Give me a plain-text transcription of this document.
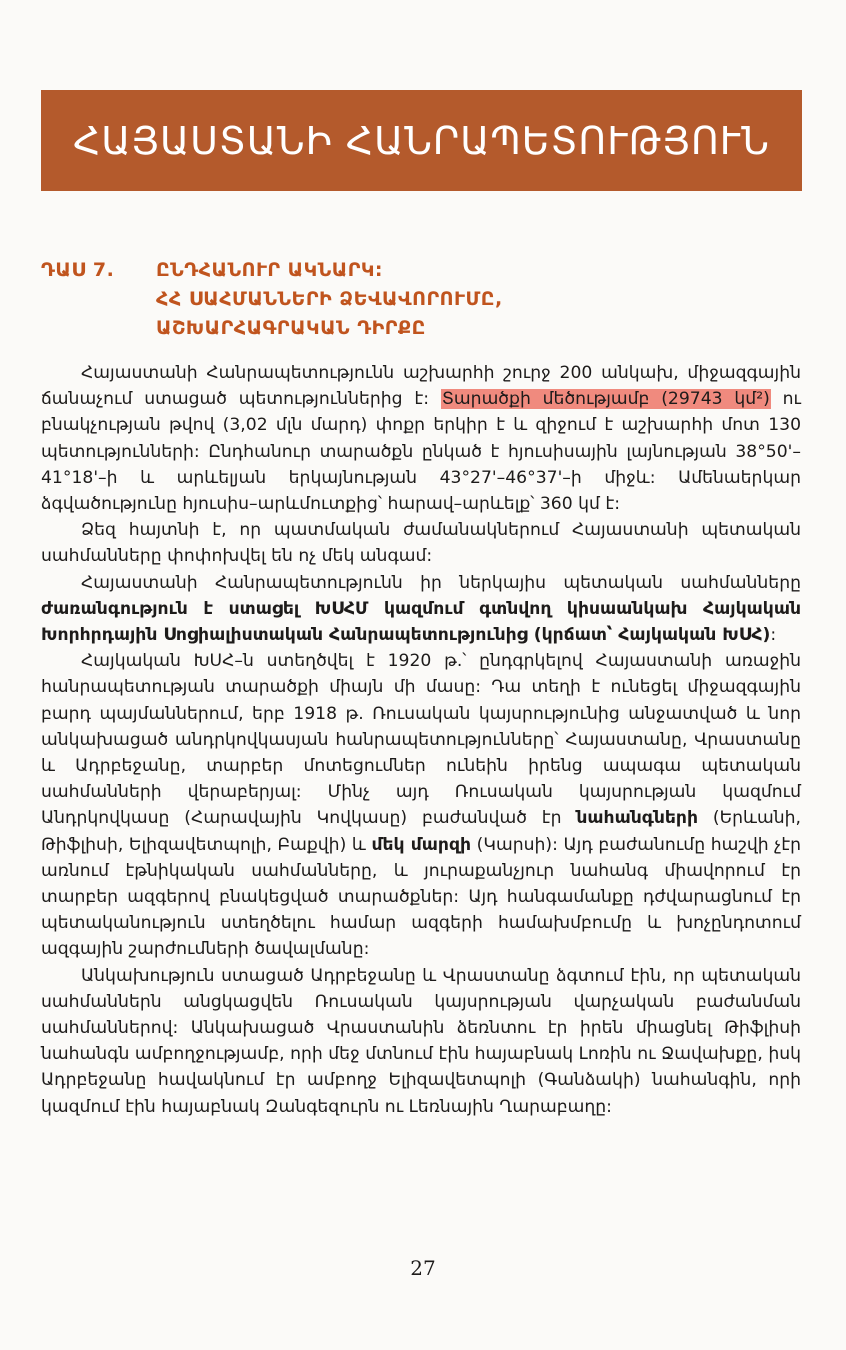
ՀԱՅԱՍՏԱՆԻ ՀԱՆՐԱՊԵՏՈՒԹՅՈՒՆ
ԴԱՍ 7. ԸՆԴՀԱՆՈՒՐ ԱԿՆԱՐԿ:
ՀՀ ՍԱՀՄԱՆՆԵՐԻ ՁԵՎԱՎՈՐՈՒՄԸ,
ԱՇԽԱՐՀԱԳՐԱԿԱՆ ԴԻՐՔԸ

Հայաստանի Հանրապետությունն աշխարհի շուրջ 200 անկախ, միջազգային ճանաչում ստացած պետություններից է: Տարածքի մեծությամբ (29743 կմ²) ու բնակչության թվով (3,02 մլն մարդ) փոքր երկիր է և զիջում է աշխարհի մոտ 130 պետությունների: Ընդհանուր տարածքն ընկած է հյուսիսային լայնության 38°50'–41°18'–ի և արևելյան երկայնության 43°27'–46°37'–ի միջև: Ամենաերկար ձգվածությունը հյուսիս–արևմուտքից՝ հարավ–արևելք՝ 360 կմ է:

Ձեզ հայտնի է, որ պատմական ժամանակներում Հայաստանի պետական սահմանները փոփոխվել են ոչ մեկ անգամ:

Հայաստանի Հանրապետությունն իր ներկայիս պետական սահմանները ժառանգություն է ստացել ԽՍՀՄ կազմում գտնվող կիսաանկախ Հայկական Խորհրդային Սոցիալիստական Հանրապետությունից (կրճատ՝ Հայկական ԽՍՀ):

Հայկական ԽՍՀ–ն ստեղծվել է 1920 թ.՝ ընդգրկելով Հայաստանի առաջին հանրապետության տարածքի միայն մի մասը: Դա տեղի է ունեցել միջազգային բարդ պայմաններում, երբ 1918 թ. Ռուսական կայսրությունից անջատված և նոր անկախացած անդրկովկասյան հանրապետությունները՝ Հայաստանը, Վրաստանը և Ադրբեջանը, տարբեր մոտեցումներ ունեին իրենց ապագա պետական սահմանների վերաբերյալ: Մինչ այդ Ռուսական կայսրության կազմում Անդրկովկասը (Հարավային Կովկասը) բաժանված էր նահանգների (Երևանի, Թիֆլիսի, Ելիզավետպոլի, Բաքվի) և մեկ մարզի (Կարսի): Այդ բաժանումը հաշվի չէր առնում էթնիկական սահմանները, և յուրաքանչյուր նահանգ միավորում էր տարբեր ազգերով բնակեցված տարածքներ: Այդ հանգամանքը դժվարացնում էր պետականություն ստեղծելու համար ազգերի համախմբումը և խոչընդոտում ազգային շարժումների ծավալմանը:

Անկախություն ստացած Ադրբեջանը և Վրաստանը ձգտում էին, որ պետական սահմաններն անցկացվեն Ռուսական կայսրության վարչական բաժանման սահմաններով: Անկախացած Վրաստանին ձեռնտու էր իրեն միացնել Թիֆլիսի նահանգն ամբողջությամբ, որի մեջ մտնում էին հայաբնակ Լոռին ու Ջավախքը, իսկ Ադրբեջանը հավակնում էր ամբողջ Ելիզավետպոլի (Գանձակի) նահանգին, որի կազմում էին հայաբնակ Զանգեզուրն ու Լեռնային Ղարաբաղը:

27
